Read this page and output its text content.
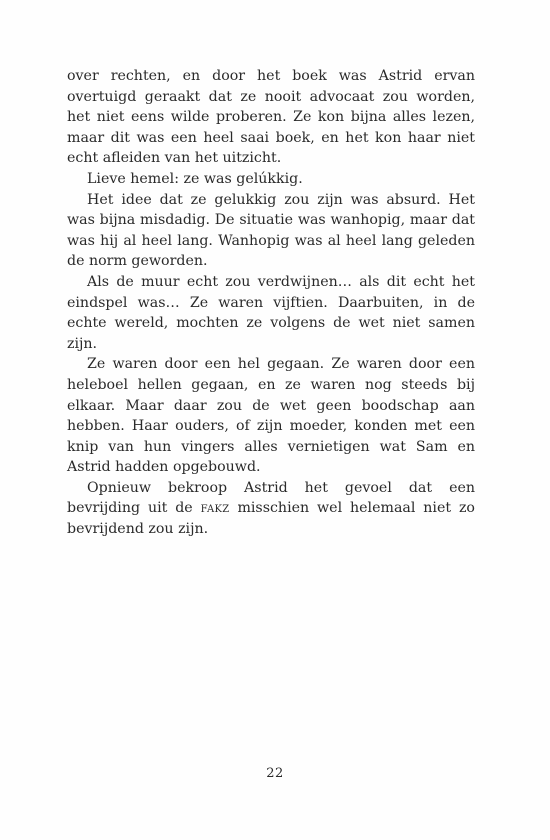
over rechten, en door het boek was Astrid ervan overtuigd geraakt dat ze nooit advocaat zou worden, het niet eens wilde proberen. Ze kon bijna alles lezen, maar dit was een heel saai boek, en het kon haar niet echt afleiden van het uitzicht.

Lieve hemel: ze was gelúkkig.

Het idee dat ze gelukkig zou zijn was absurd. Het was bijna misdadig. De situatie was wanhopig, maar dat was hij al heel lang. Wanhopig was al heel lang geleden de norm geworden.

Als de muur echt zou verdwijnen… als dit echt het eindspel was… Ze waren vijftien. Daarbuiten, in de echte wereld, mochten ze volgens de wet niet samen zijn.

Ze waren door een hel gegaan. Ze waren door een heleboel hellen gegaan, en ze waren nog steeds bij elkaar. Maar daar zou de wet geen boodschap aan hebben. Haar ouders, of zijn moeder, konden met een knip van hun vingers alles vernietigen wat Sam en Astrid hadden opgebouwd.

Opnieuw bekroop Astrid het gevoel dat een bevrijding uit de fakz misschien wel helemaal niet zo bevrijdend zou zijn.

22
